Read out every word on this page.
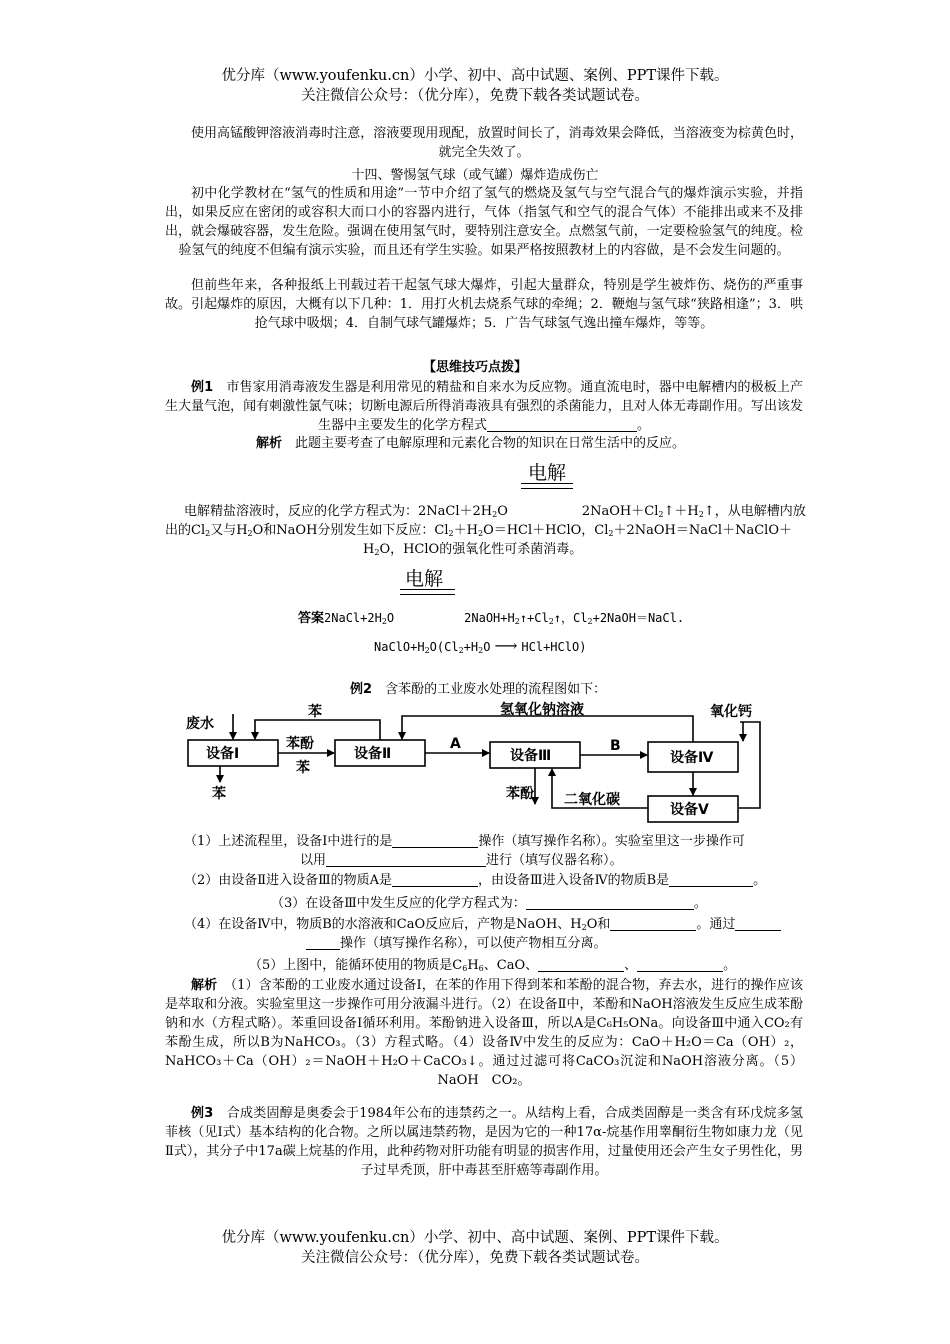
优分库（www.youfenku.cn）小学、初中、高中试题、案例、PPT课件下载。
关注微信公众号：（优分库），免费下载各类试题试卷。

使用高锰酸钾溶液消毒时注意，溶液要现用现配，放置时间长了，消毒效果会降低，当溶液变为棕黄色时，就完全失效了。

十四、警惕氢气球（或气罐）爆炸造成伤亡

初中化学教材在“氢气的性质和用途”一节中介绍了氢气的燃烧及氢气与空气混合气的爆炸演示实验，并指出，如果反应在密闭的或容积大而口小的容器内进行，气体（指氢气和空气的混合气体）不能排出或来不及排出，就会爆破容器，发生危险。强调在使用氢气时，要特别注意安全。点燃氢气前，一定要检验氢气的纯度。检验氢气的纯度不但编有演示实验，而且还有学生实验。如果严格按照教材上的内容做，是不会发生问题的。

但前些年来，各种报纸上刊载过若干起氢气球大爆炸，引起大量群众，特别是学生被炸伤、烧伤的严重事故。引起爆炸的原因，大概有以下几种：1．用打火机去烧系气球的牵绳；2．鞭炮与氢气球“狭路相逢”；3．哄抢气球中吸烟；4．自制气球气罐爆炸；5．广告气球氢气逸出撞车爆炸，等等。

【思维技巧点拨】

例1　 市售家用消毒液发生器是利用常见的精盐和自来水为反应物。通直流电时，器中电解槽内的极板上产生大量气泡，闻有刺激性氯气味；切断电源后所得消毒液具有强烈的杀菌能力，且对人体无毒副作用。写出该发生器中主要发生的化学方程式	。

解析　 此题主要考查了电解原理和元素化合物的知识在日常生活中的反应。
电解
电解精盐溶液时，反应的化学方程式为：$2NaCl+2H_2O$	$2NaOH+Cl_2↑+H_2↑$，从电解槽内放
出的$Cl_2$又与$H_2O$和NaOH分别发生如下反应：$Cl_2+H_2O=HCl+HClO$，$Cl_2+2NaOH=NaCl+NaClO+$
$H_2O$，HClO的强氧化性可杀菌消毒。
电解
答案$2NaCl+2H_2O$	$2NaOH+H_2↑+Cl_2↑$，$Cl_2+2NaOH=NaCl$.
$NaClO+H_2O(Cl_2+H_2O$ ⟶ HCl+HClO)
例2　 含苯酚的工业废水处理的流程图如下：
废水
苯	氢氧化钠溶液	氧化钙
设备Ⅰ	设备Ⅱ	设备Ⅲ	设备Ⅳ
设备Ⅴ
苯酚
苯
A	B
苯	苯酚 二氧化碳
（1）上述流程里，设备Ⅰ中进行的是	操作（填写操作名称）。实验室里这一步操作可
以用	进行（填写仪器名称）。
（2）由设备Ⅱ进入设备Ⅲ的物质A是	，由设备Ⅲ进入设备Ⅳ的物质B是	。
（3）在设备Ⅲ中发生反应的化学方程式为：	。
（4）在设备Ⅳ中，物质B的水溶液和CaO反应后，产物是NaOH、$H_2O$和	。通过
操作（填写操作名称），可以使产物相互分离。
（5）上图中，能循环使用的物质是$C_6H_6$、CaO、	、	。

解析　 （1）含苯酚的工业废水通过设备Ⅰ，在苯的作用下得到苯和苯酚的混合物，弃去水，进行的操作应该是萃取和分液。实验室里这一步操作可用分液漏斗进行。（2）在设备Ⅱ中，苯酚和NaOH溶液发生反应生成苯酚钠和水（方程式略）。苯重回设备Ⅰ循环利用。苯酚钠进入设备Ⅲ，所以A是C₆H₅ONa。向设备Ⅲ中通入CO₂有苯酚生成，所以B为NaHCO₃。（3）方程式略。（4）设备Ⅳ中发生的反应为：CaO＋H₂O＝Ca（OH）₂，NaHCO₃＋Ca（OH）₂＝NaOH＋H₂O＋CaCO₃↓。通过过滤可将CaCO₃沉淀和NaOH溶液分离。（5）NaOH　CO₂。

例3　 合成类固醇是奥委会于1984年公布的违禁药之一。从结构上看，合成类固醇是一类含有环戊烷多氢菲核（见Ⅰ式）基本结构的化合物。之所以属违禁药物，是因为它的一种17α-烷基作用睾酮衍生物如康力龙（见Ⅱ式），其分子中17a碳上烷基的作用，此种药物对肝功能有明显的损害作用，过量使用还会产生女子男性化，男子过早秃顶，肝中毒甚至肝癌等毒副作用。

优分库（www.youfenku.cn）小学、初中、高中试题、案例、PPT课件下载。
关注微信公众号：（优分库），免费下载各类试题试卷。
